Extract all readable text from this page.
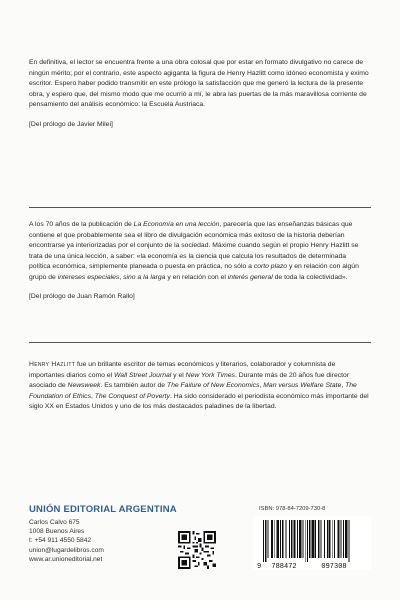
En definitiva, el lector se encuentra frente a una obra colosal que por estar en formato divulgativo no carece de ningún mérito; por el contrario, este aspecto agiganta la figura de Henry Hazlitt como idóneo economista y eximo escritor. Espero haber podido transmitir en este prólogo la satisfacción que me generó la lectura de la presente obra, y espero que, del mismo modo que me ocurrió a mí, le abra las puertas de la más maravillosa corriente de pensamiento del análisis económico: la Escuela Austriaca.

[Del prólogo de Javier Milei]

A los 70 años de la publicación de La Economía en una lección, parecería que las enseñanzas básicas que contiene el que probablemente sea el libro de divulgación económica más exitoso de la historia deberían encontrarse ya interiorizadas por el conjunto de la sociedad. Máxime cuando según el propio Henry Hazlitt se trata de una única lección, a saber: «la economía es la ciencia que calcula los resultados de determinada política económica, simplemente planeada o puesta en práctica, no sólo a corto plazo y en relación con algún grupo de intereses especiales, sino a la larga y en relación con el interés general de toda la colectividad».

[Del prólogo de Juan Ramón Rallo]

Henry Hazlitt fue un brillante escritor de temas económicos y literarios, colaborador y columnista de importantes diarios como el Wall Street Journal y el New York Times. Durante más de 20 años fue director asociado de Newsweek. Es también autor de The Failure of New Economics, Man versus Welfare State, The Foundation of Ethics, The Conquest of Poverty. Ha sido considerado el periodista económico más importante del siglo XX en Estados Unidos y uno de los más destacados paladines de la libertad.

UNIÓN EDITORIAL ARGENTINA
Carlos Calvo 675
1008 Buenos Aires
t: +54 911 4550 5842
union@lugardelibros.com
www.ar.unioneditorial.net
ISBN: 978-84-7209-730-8
9 788472	097308
